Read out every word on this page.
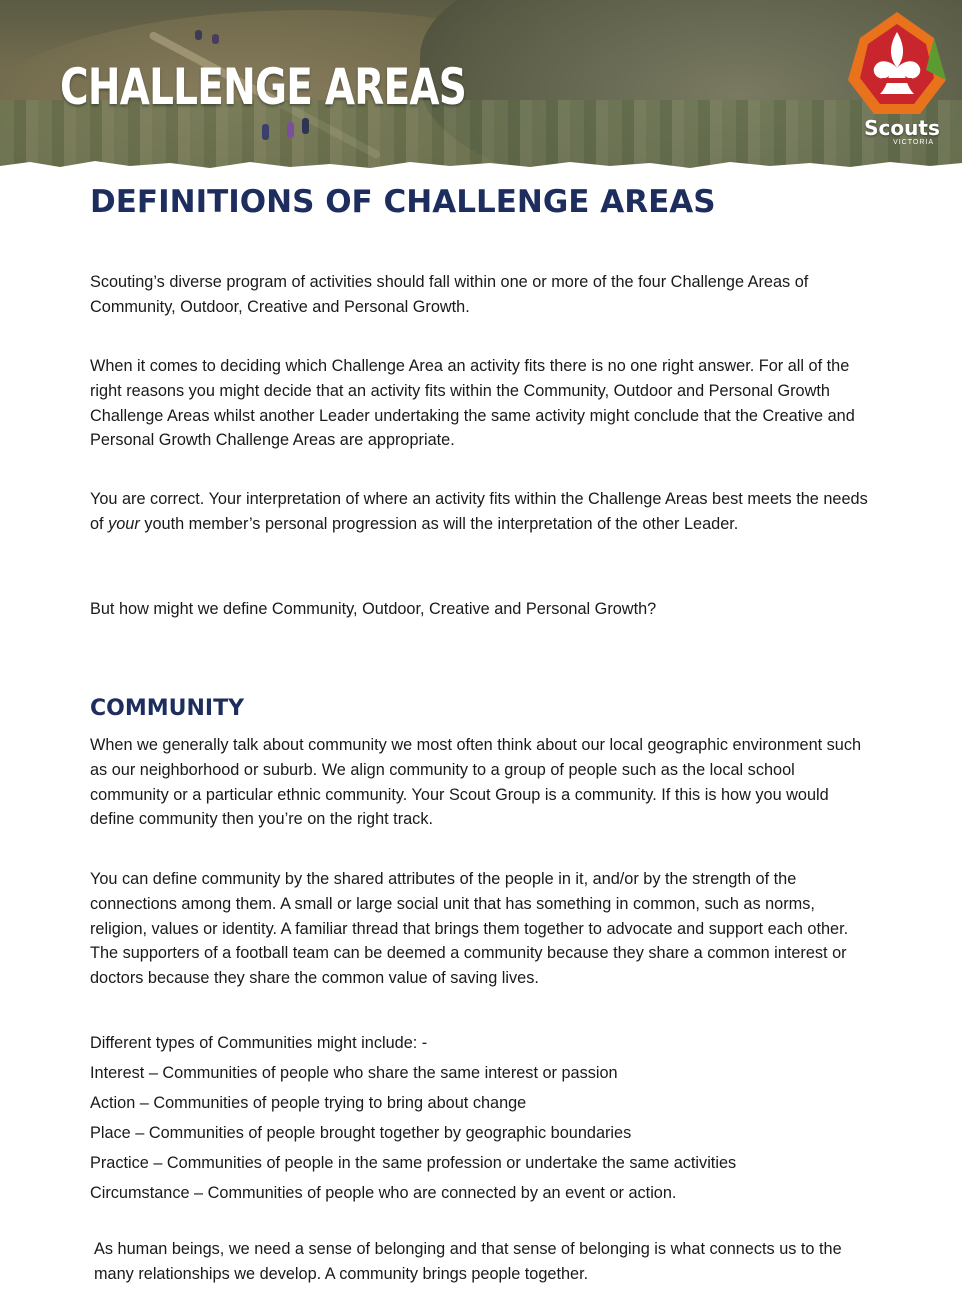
CHALLENGE AREAS
Scouts
VICTORIA
DEFINITIONS OF CHALLENGE AREAS

Scouting’s diverse program of activities should fall within one or more of the four Challenge Areas of Community, Outdoor, Creative and Personal Growth.

When it comes to deciding which Challenge Area an activity fits there is no one right answer. For all of the right reasons you might decide that an activity fits within the Community, Outdoor and Personal Growth Challenge Areas whilst another Leader undertaking the same activity might conclude that the Creative and Personal Growth Challenge Areas are appropriate.

You are correct. Your interpretation of where an activity fits within the Challenge Areas best meets the needs of your youth member’s personal progression as will the interpretation of the other Leader.

But how might we define Community, Outdoor, Creative and Personal Growth?

COMMUNITY

When we generally talk about community we most often think about our local geographic environment such as our neighborhood or suburb. We align community to a group of people such as the local school community or a particular ethnic community. Your Scout Group is a community. If this is how you would define community then you’re on the right track.

You can define community by the shared attributes of the people in it, and/or by the strength of the connections among them. A small or large social unit that has something in common, such as norms, religion, values or identity. A familiar thread that brings them together to advocate and support each other. The supporters of a football team can be deemed a community because they share a common interest or doctors because they share the common value of saving lives.

Different types of Communities might include: -
Interest – Communities of people who share the same interest or passion
Action – Communities of people trying to bring about change
Place – Communities of people brought together by geographic boundaries
Practice – Communities of people in the same profession or undertake the same activities
Circumstance – Communities of people who are connected by an event or action.

As human beings, we need a sense of belonging and that sense of belonging is what connects us to the many relationships we develop. A community brings people together.
